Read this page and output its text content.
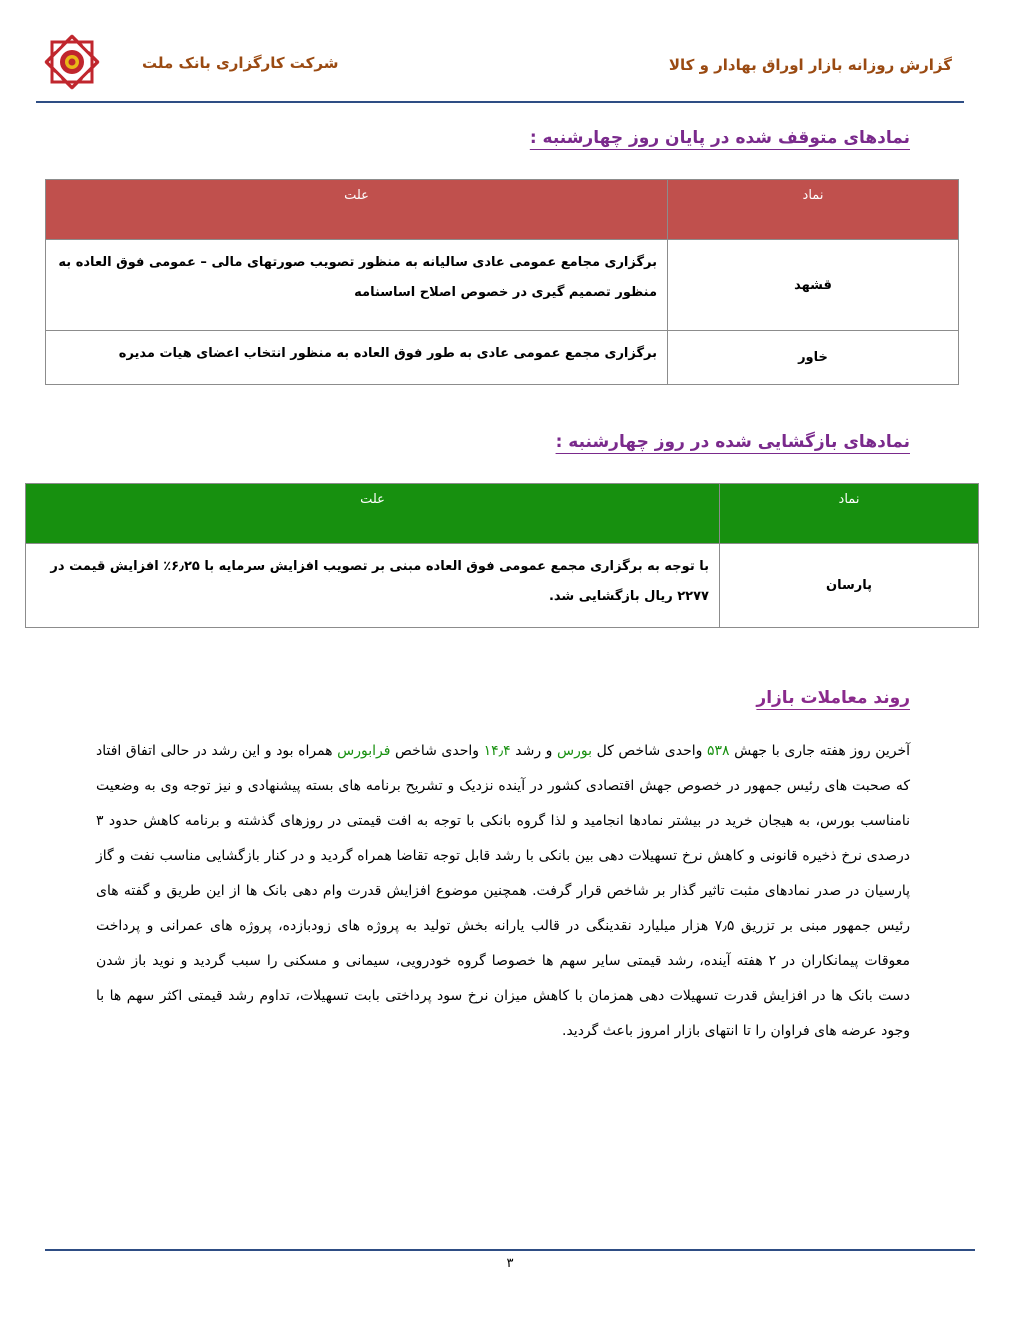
گزارش روزانه بازار اوراق بهادار و کالا
شرکت کارگزاری بانک ملت
نمادهای متوقف شده در پایان روز چهارشنبه :
نماد	علت
قشهد	برگزاری مجامع عمومی عادی سالیانه به منظور تصویب صورتهای مالی – عمومی فوق العاده به منظور تصمیم گیری در خصوص اصلاح اساسنامه
خاور	برگزاری مجمع عمومی عادی به طور فوق العاده به منظور انتخاب اعضای هیات مدیره
نمادهای بازگشایی شده در روز چهارشنبه :
نماد	علت
پارسان	با توجه به برگزاری مجمع عمومی فوق العاده مبنی بر تصویب افزایش سرمایه با ۶٫۲۵٪ افزایش قیمت در ۲۲۷۷ ریال بازگشایی شد.
روند معاملات بازار
آخرین روز هفته جاری با جهش ۵۳۸ واحدی شاخص کل بورس و رشد ۱۴٫۴ واحدی شاخص فرابورس همراه بود و این رشد در حالی اتفاق افتاد که صحبت های رئیس جمهور در خصوص جهش اقتصادی کشور در آینده نزدیک و تشریح برنامه های بسته پیشنهادی و نیز توجه وی به وضعیت نامناسب بورس، به هیجان خرید در بیشتر نمادها انجامید و لذا گروه بانکی با توجه به افت قیمتی در روزهای گذشته و برنامه کاهش حدود ۳ درصدی نرخ ذخیره قانونی و کاهش نرخ تسهیلات دهی بین بانکی با رشد قابل توجه تقاضا همراه گردید و در کنار بازگشایی مناسب نفت و گاز پارسیان در صدر نمادهای مثبت تاثیر گذار بر شاخص قرار گرفت. همچنین موضوع افزایش قدرت وام دهی بانک ها از این طریق و گفته های رئیس جمهور مبنی بر تزریق ۷٫۵ هزار میلیارد نقدینگی در قالب یارانه بخش تولید به پروژه های زودبازده، پروژه های عمرانی و پرداخت معوقات پیمانکاران در ۲ هفته آینده، رشد قیمتی سایر سهم ها خصوصا گروه خودرویی، سیمانی و مسکنی را سبب گردید و نوید باز شدن دست بانک ها در افزایش قدرت تسهیلات دهی همزمان با کاهش میزان نرخ سود پرداختی بابت تسهیلات، تداوم رشد قیمتی اکثر سهم ها با وجود عرضه های فراوان را تا انتهای بازار امروز باعث گردید.
۳
